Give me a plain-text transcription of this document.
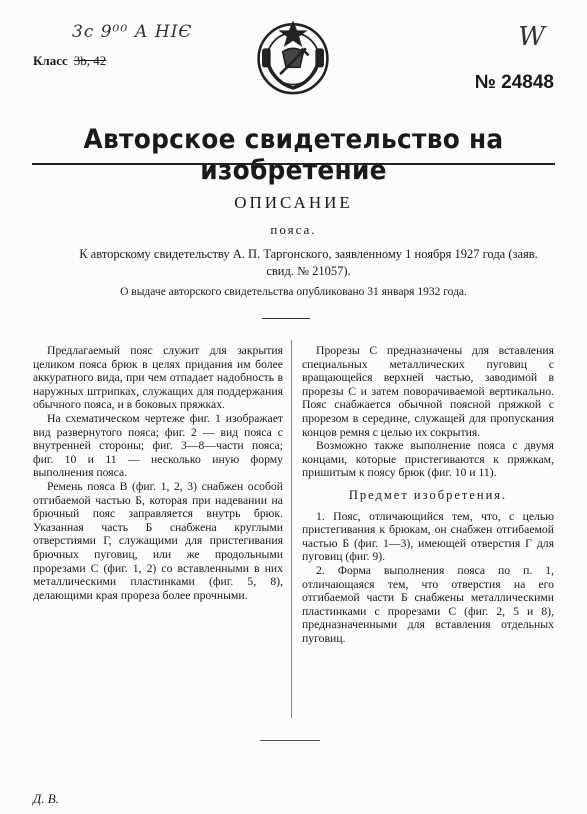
3c 9⁰⁰ А НІЄ	W
Класс 3b, 42
№ 24848
Авторское свидетельство на изобретение
ОПИСАНИЕ
пояса.
К авторскому свидетельству А. П. Таргонского, заявленному 1 ноября 1927 года (заяв. свид. № 21057).
О выдаче авторского свидетельства опубликовано 31 января 1932 года.

Предлагаемый пояс служит для закрытия целиком пояса брюк в целях придания им более аккуратного вида, при чем отпадает надобность в наружных штрипках, служащих для поддержания обычного пояса, и в боковых пряжках.

На схематическом чертеже фиг. 1 изображает вид развернутого пояса; фиг. 2 — вид пояса с внутренней стороны; фиг. 3—8—части пояса; фиг. 10 и 11 — несколько иную форму выполнения пояса.

Ремень пояса В (фиг. 1, 2, 3) снабжен особой отгибаемой частью Б, которая при надевании на брючный пояс заправляется внутрь брюк. Указанная часть Б снабжена круглыми отверстиями Г, служащими для пристегивания брючных пуговиц, или же продольными прорезами С (фиг. 1, 2) со вставленными в них металлическими пластинками (фиг. 5, 8), делающими края прореза более прочными.

Прорезы С предназначены для вставления специальных металлических пуговиц с вращающейся верхней частью, заводимой в прорезы С и затем поворачиваемой вертикально. Пояс снабжается обычной поясной пряжкой с прорезом в середине, служащей для пропускания концов ремня с целью их сокрытия.

Возможно также выполнение пояса с двумя концами, которые пристегиваются к пряжкам, пришитым к поясу брюк (фиг. 10 и 11).

Предмет изобретения.

1. Пояс, отличающийся тем, что, с целью пристегивания к брюкам, он снабжен отгибаемой частью Б (фиг. 1—3), имеющей отверстия Г для пуговиц (фиг. 9).

2. Форма выполнения пояса по п. 1, отличающаяся тем, что отверстия на его отгибаемой части Б снабжены металлическими пластинками с прорезами С (фиг. 2, 5 и 8), предназначенными для вставления отдельных пуговиц.

Д. В.
